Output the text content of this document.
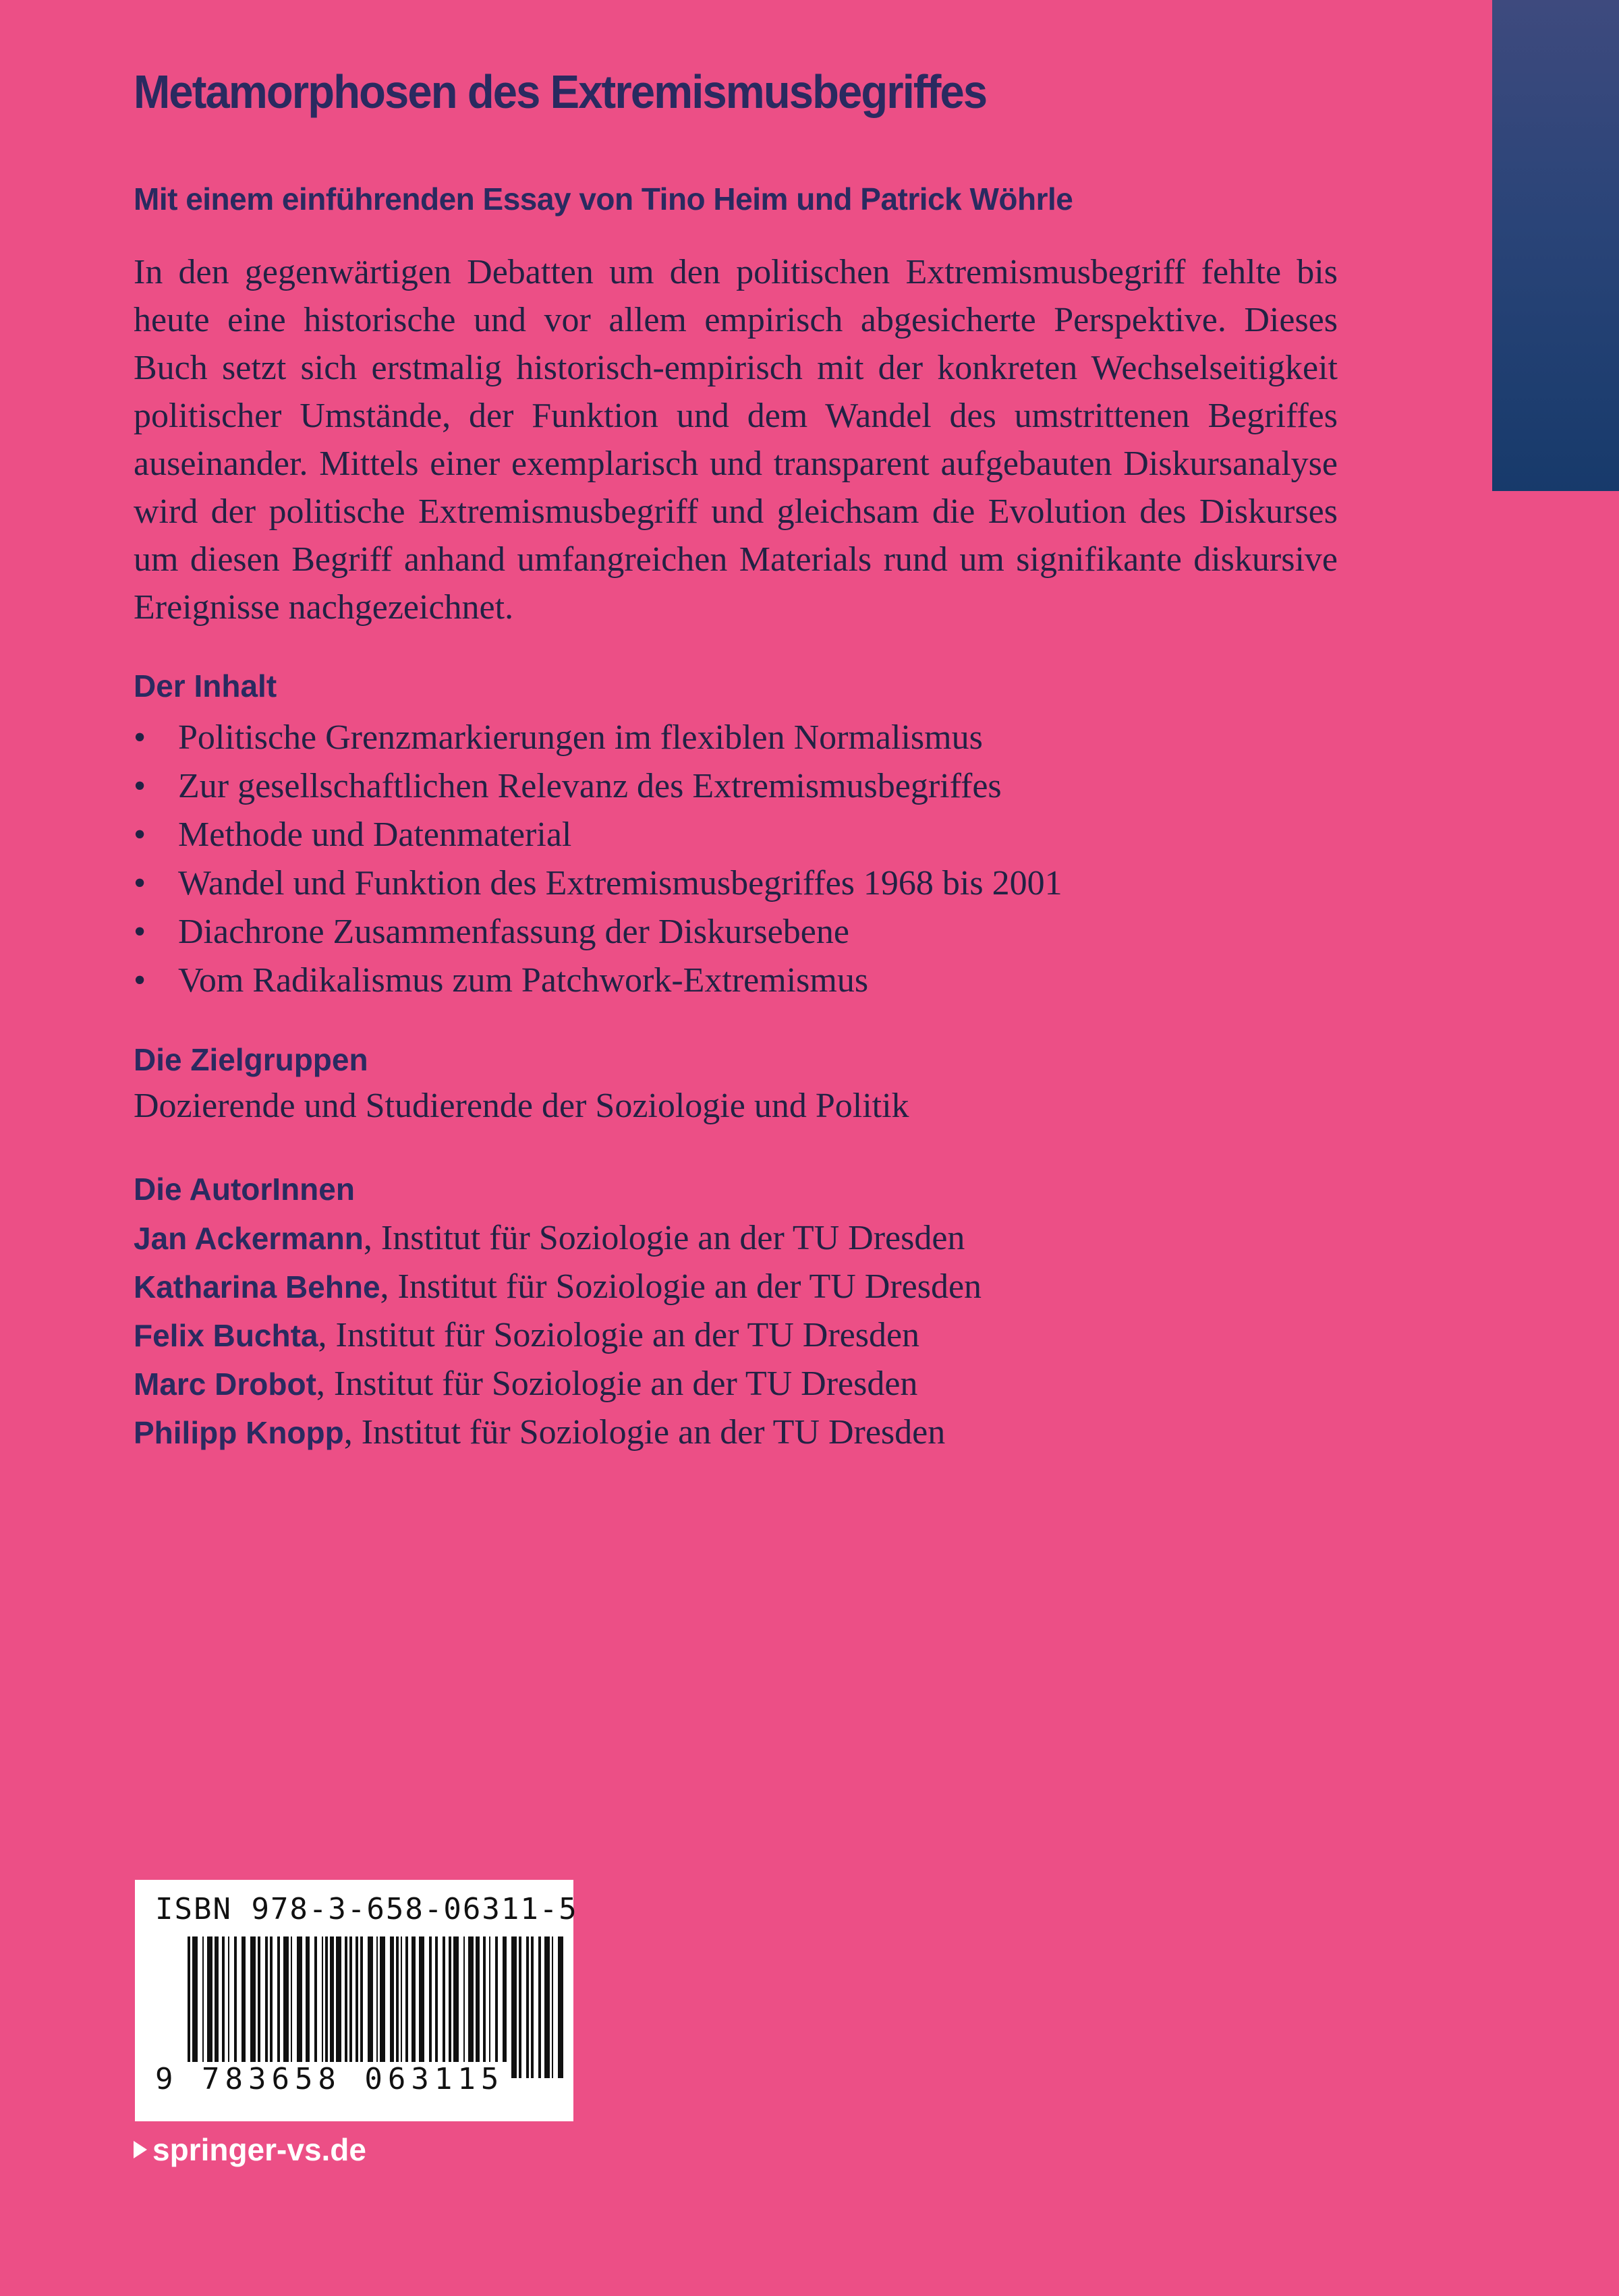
Metamorphosen des Extremismusbegriffes
Mit einem einführenden Essay von Tino Heim und Patrick Wöhrle
In den gegenwärtigen Debatten um den politischen Extremismusbegriff fehlte bis heute eine historische und vor allem empirisch abgesicherte Perspektive. Dieses Buch setzt sich erstmalig historisch-empirisch mit der konkreten Wechselseitigkeit politischer Umstände, der Funktion und dem Wandel des umstrittenen Begriffes auseinander. Mittels einer exemplarisch und transparent aufgebauten Diskursanalyse wird der politische Extremismusbegriff und gleichsam die Evolution des Diskurses um diesen Begriff anhand umfangreichen Materials rund um signifikante diskursive Ereignisse nachgezeichnet.
Der Inhalt
• Politische Grenzmarkierungen im flexiblen Normalismus
• Zur gesellschaftlichen Relevanz des Extremismusbegriffes
• Methode und Datenmaterial
• Wandel und Funktion des Extremismusbegriffes 1968 bis 2001
• Diachrone Zusammenfassung der Diskursebene
• Vom Radikalismus zum Patchwork-Extremismus
Die Zielgruppen
Dozierende und Studierende der Soziologie und Politik
Die AutorInnen
Jan Ackermann, Institut für Soziologie an der TU Dresden
Katharina Behne, Institut für Soziologie an der TU Dresden
Felix Buchta, Institut für Soziologie an der TU Dresden
Marc Drobot, Institut für Soziologie an der TU Dresden
Philipp Knopp, Institut für Soziologie an der TU Dresden
ISBN 978-3-658-06311-5
9 783658 063115
springer-vs.de
